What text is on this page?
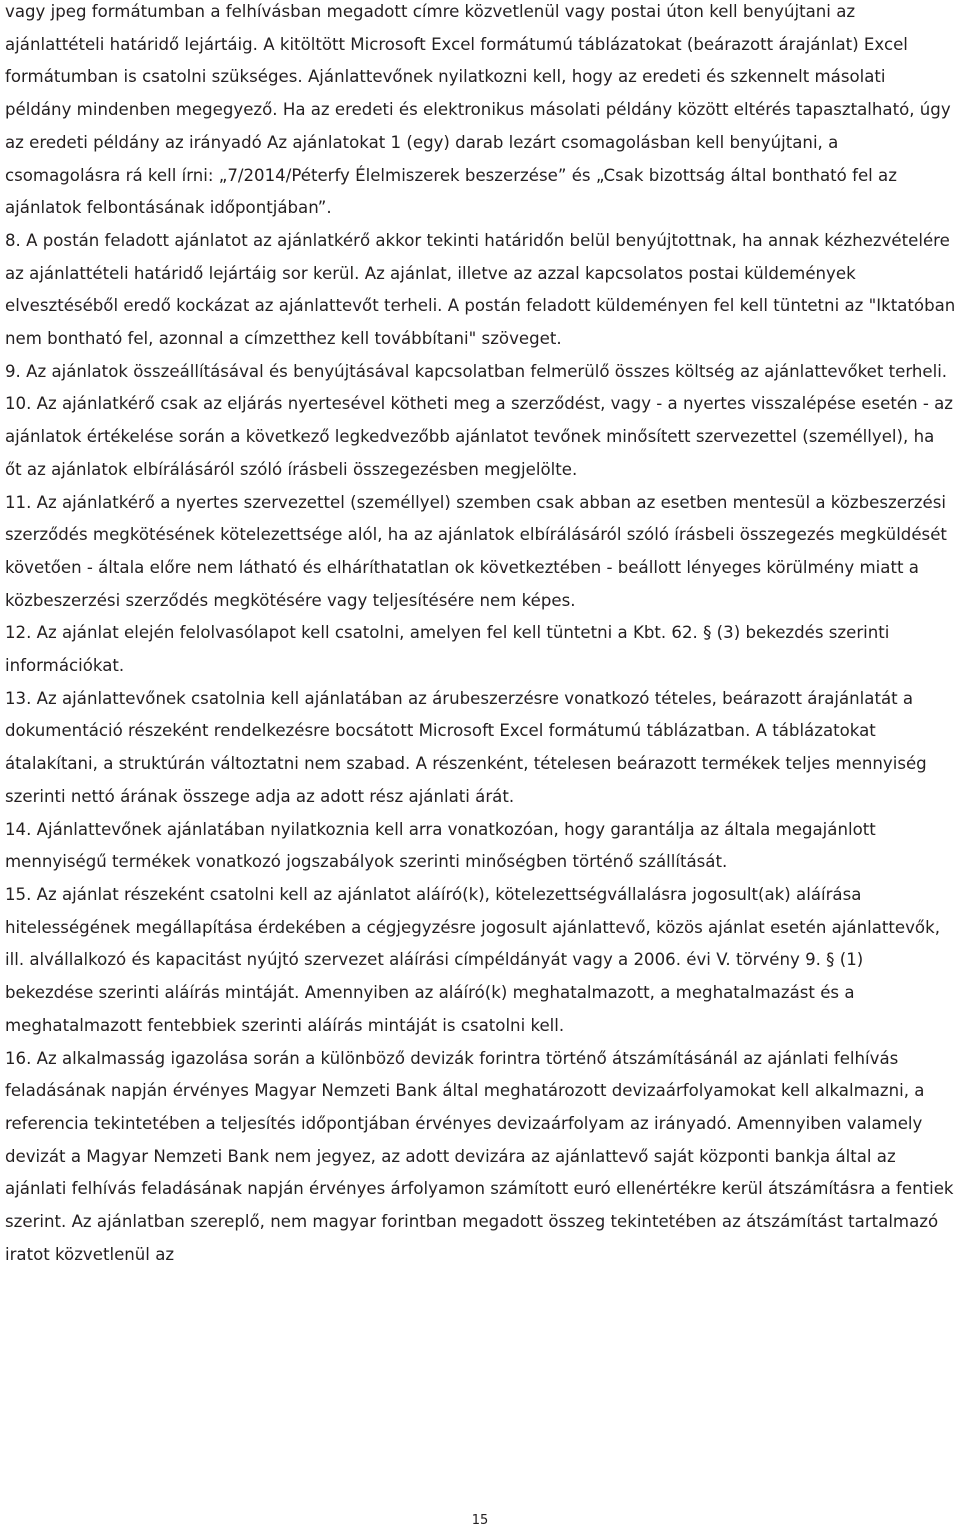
vagy jpeg formátumban a felhívásban megadott címre közvetlenül vagy postai úton kell benyújtani az ajánlattételi határidő lejártáig. A kitöltött Microsoft Excel formátumú táblázatokat (beárazott árajánlat) Excel formátumban is csatolni szükséges. Ajánlattevőnek nyilatkozni kell, hogy az eredeti és szkennelt másolati példány mindenben megegyező. Ha az eredeti és elektronikus másolati példány között eltérés tapasztalható, úgy az eredeti példány az irányadó Az ajánlatokat 1 (egy) darab lezárt csomagolásban kell benyújtani, a csomagolásra rá kell írni: „7/2014/Péterfy Élelmiszerek beszerzése” és „Csak bizottság által bontható fel az ajánlatok felbontásának időpontjában”.

8. A postán feladott ajánlatot az ajánlatkérő akkor tekinti határidőn belül benyújtottnak, ha annak kézhezvételére az ajánlattételi határidő lejártáig sor kerül. Az ajánlat, illetve az azzal kapcsolatos postai küldemények elvesztéséből eredő kockázat az ajánlattevőt terheli. A postán feladott küldeményen fel kell tüntetni az "Iktatóban nem bontható fel, azonnal a címzetthez kell továbbítani" szöveget.

9. Az ajánlatok összeállításával és benyújtásával kapcsolatban felmerülő összes költség az ajánlattevőket terheli.

10. Az ajánlatkérő csak az eljárás nyertesével kötheti meg a szerződést, vagy - a nyertes visszalépése esetén - az ajánlatok értékelése során a következő legkedvezőbb ajánlatot tevőnek minősített szervezettel (személlyel), ha őt az ajánlatok elbírálásáról szóló írásbeli összegezésben megjelölte.

11. Az ajánlatkérő a nyertes szervezettel (személlyel) szemben csak abban az esetben mentesül a közbeszerzési szerződés megkötésének kötelezettsége alól, ha az ajánlatok elbírálásáról szóló írásbeli összegezés megküldését követően - általa előre nem látható és elháríthatatlan ok következtében - beállott lényeges körülmény miatt a közbeszerzési szerződés megkötésére vagy teljesítésére nem képes.

12. Az ajánlat elején felolvasólapot kell csatolni, amelyen fel kell tüntetni a Kbt. 62. § (3) bekezdés szerinti információkat.

13. Az ajánlattevőnek csatolnia kell ajánlatában az árubeszerzésre vonatkozó tételes, beárazott árajánlatát a dokumentáció részeként rendelkezésre bocsátott Microsoft Excel formátumú táblázatban. A táblázatokat átalakítani, a struktúrán változtatni nem szabad. A részenként, tételesen beárazott termékek teljes mennyiség szerinti nettó árának összege adja az adott rész ajánlati árát.

14. Ajánlattevőnek ajánlatában nyilatkoznia kell arra vonatkozóan, hogy garantálja az általa megajánlott mennyiségű termékek vonatkozó jogszabályok szerinti minőségben történő szállítását.

15. Az ajánlat részeként csatolni kell az ajánlatot aláíró(k), kötelezettségvállalásra jogosult(ak) aláírása hitelességének megállapítása érdekében a cégjegyzésre jogosult ajánlattevő, közös ajánlat esetén ajánlattevők, ill. alvállalkozó és kapacitást nyújtó szervezet aláírási címpéldányát vagy a 2006. évi V. törvény 9. § (1) bekezdése szerinti aláírás mintáját. Amennyiben az aláíró(k) meghatalmazott, a meghatalmazást és a meghatalmazott fentebbiek szerinti aláírás mintáját is csatolni kell.

16. Az alkalmasság igazolása során a különböző devizák forintra történő átszámításánál az ajánlati felhívás feladásának napján érvényes Magyar Nemzeti Bank által meghatározott devizaárfolyamokat kell alkalmazni, a referencia tekintetében a teljesítés időpontjában érvényes devizaárfolyam az irányadó. Amennyiben valamely devizát a Magyar Nemzeti Bank nem jegyez, az adott devizára az ajánlattevő saját központi bankja által az ajánlati felhívás feladásának napján érvényes árfolyamon számított euró ellenértékre kerül átszámításra a fentiek szerint. Az ajánlatban szereplő, nem magyar forintban megadott összeg tekintetében az átszámítást tartalmazó iratot közvetlenül az

15
